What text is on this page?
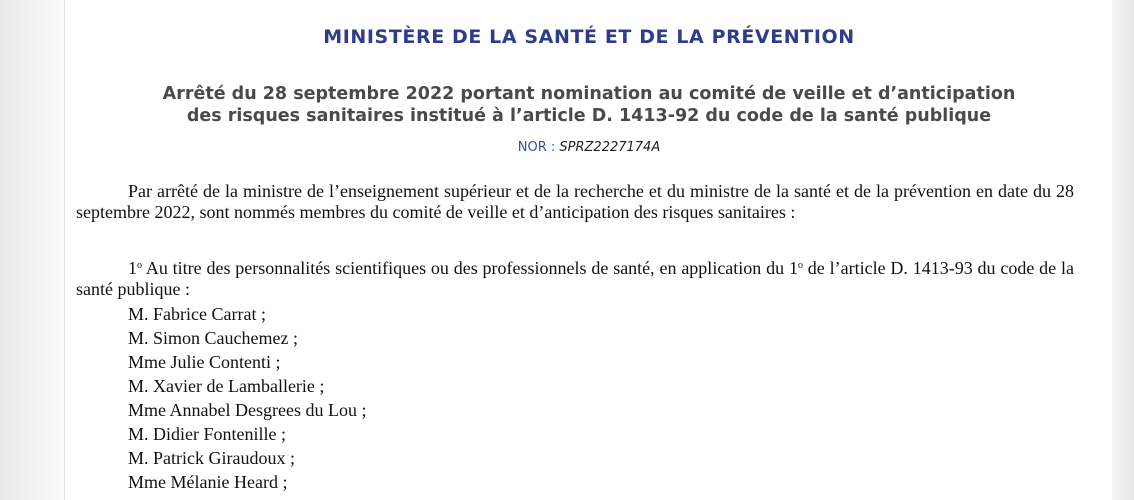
MINISTÈRE DE LA SANTÉ ET DE LA PRÉVENTION
Arrêté du 28 septembre 2022 portant nomination au comité de veille et d’anticipation
des risques sanitaires institué à l’article D. 1413-92 du code de la santé publique
NOR : SPRZ2227174A
Par arrêté de la ministre de l’enseignement supérieur et de la recherche et du ministre de la santé et de la prévention en date du 28 septembre 2022, sont nommés membres du comité de veille et d’anticipation des risques sanitaires :
1$^o$ Au titre des personnalités scientifiques ou des professionnels de santé, en application du 1$^o$ de l’article D. 1413-93 du code de la santé publique :
M. Fabrice Carrat ;
M. Simon Cauchemez ;
Mme Julie Contenti ;
M. Xavier de Lamballerie ;
Mme Annabel Desgrees du Lou ;
M. Didier Fontenille ;
M. Patrick Giraudoux ;
Mme Mélanie Heard ;
